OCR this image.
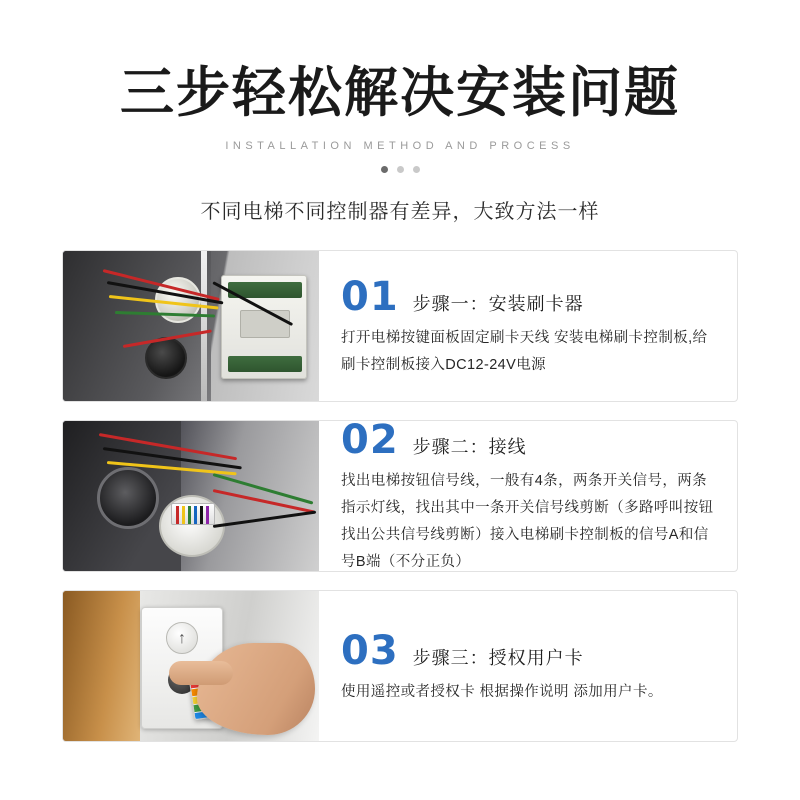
三步轻松解决安装问题
INSTALLATION METHOD AND PROCESS
不同电梯不同控制器有差异，大致方法一样
01 步骤一：安装刷卡器
打开电梯按键面板固定刷卡天线 安装电梯刷卡控制板,给刷卡控制板接入DC12-24V电源
02 步骤二：接线
找出电梯按钮信号线，一般有4条，两条开关信号，两条指示灯线，找出其中一条开关信号线剪断（多路呼叫按钮找出公共信号线剪断）接入电梯刷卡控制板的信号A和信号B端（不分正负）
↑	03 步骤三：授权用户卡
使用遥控或者授权卡 根据操作说明 添加用户卡。
